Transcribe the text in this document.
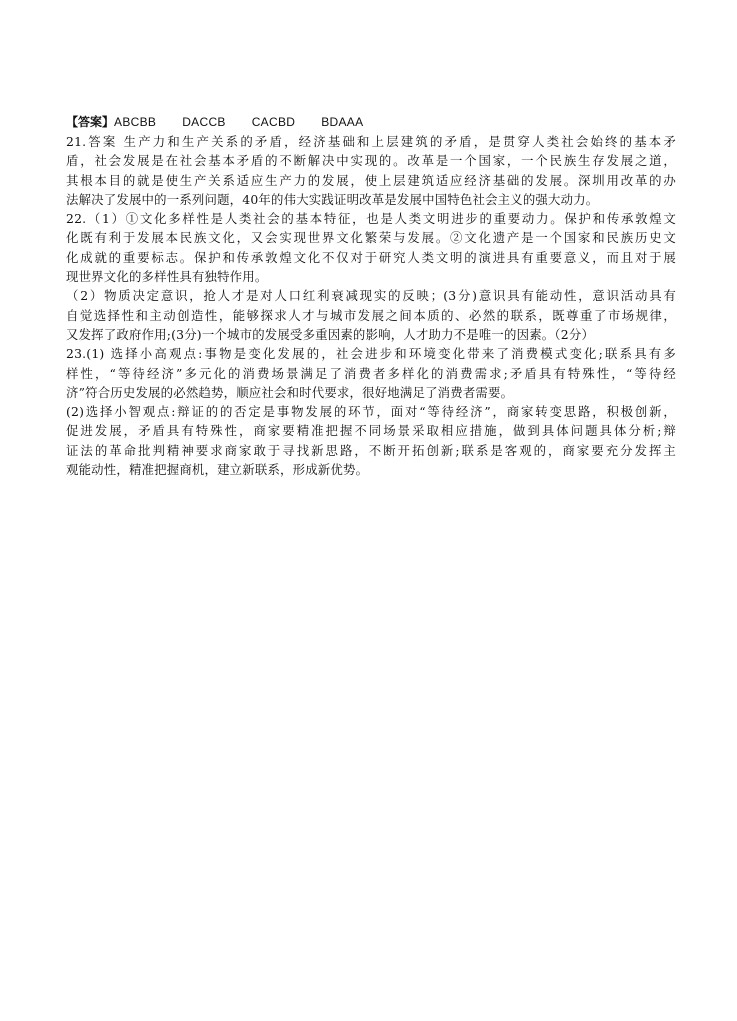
【答案】ABCBB DACCB CACBD BDAAA
21.答案 生产力和生产关系的矛盾，经济基础和上层建筑的矛盾，是贯穿人类社会始终的基本矛
盾，社会发展是在社会基本矛盾的不断解决中实现的。改革是一个国家，一个民族生存发展之道，
其根本目的就是使生产关系适应生产力的发展，使上层建筑适应经济基础的发展。深圳用改革的办
法解决了发展中的一系列问题，40年的伟大实践证明改革是发展中国特色社会主义的强大动力。
22.（1）①文化多样性是人类社会的基本特征，也是人类文明进步的重要动力。保护和传承敦煌文
化既有利于发展本民族文化，又会实现世界文化繁荣与发展。②文化遗产是一个国家和民族历史文
化成就的重要标志。保护和传承敦煌文化不仅对于研究人类文明的演进具有重要意义，而且对于展
现世界文化的多样性具有独特作用。
（2）物质决定意识，抢人才是对人口红利衰减现实的反映；(3分)意识具有能动性，意识活动具有
自觉选择性和主动创造性，能够探求人才与城市发展之间本质的、必然的联系，既尊重了市场规律，
又发挥了政府作用;(3分)一个城市的发展受多重因素的影响，人才助力不是唯一的因素。（2分）
23.(1) 选择小高观点:事物是变化发展的，社会进步和环境变化带来了消费模式变化;联系具有多
样性，“等待经济”多元化的消费场景满足了消费者多样化的消费需求;矛盾具有特殊性，“等待经
济”符合历史发展的必然趋势，顺应社会和时代要求，很好地满足了消费者需要。
(2)选择小智观点:辩证的的否定是事物发展的环节，面对“等待经济”，商家转变思路，积极创新，
促进发展，矛盾具有特殊性，商家要精准把握不同场景采取相应措施，做到具体问题具体分析;辩
证法的革命批判精神要求商家敢于寻找新思路，不断开拓创新;联系是客观的，商家要充分发挥主
观能动性，精准把握商机，建立新联系，形成新优势。
